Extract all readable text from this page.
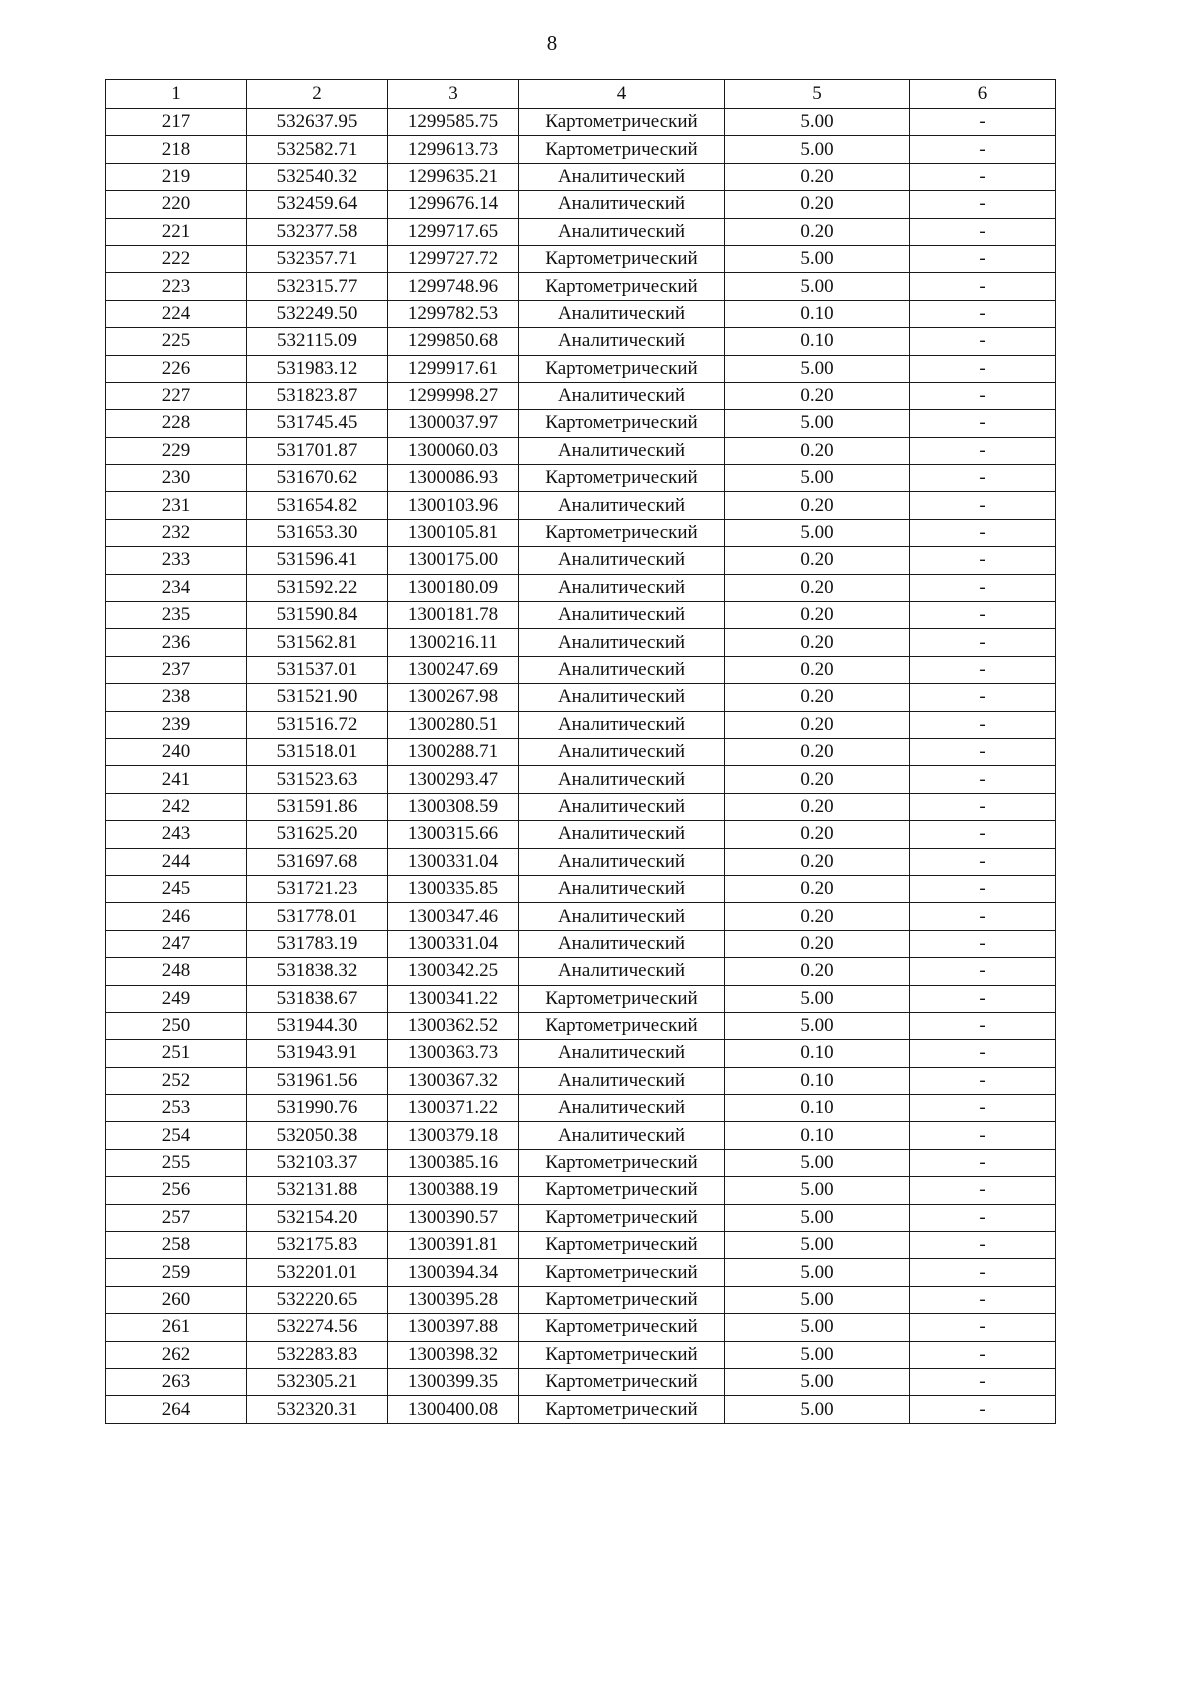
8
1	2	3	4	5	6
217	532637.95	1299585.75	Картометрический	5.00	-
218	532582.71	1299613.73	Картометрический	5.00	-
219	532540.32	1299635.21	Аналитический	0.20	-
220	532459.64	1299676.14	Аналитический	0.20	-
221	532377.58	1299717.65	Аналитический	0.20	-
222	532357.71	1299727.72	Картометрический	5.00	-
223	532315.77	1299748.96	Картометрический	5.00	-
224	532249.50	1299782.53	Аналитический	0.10	-
225	532115.09	1299850.68	Аналитический	0.10	-
226	531983.12	1299917.61	Картометрический	5.00	-
227	531823.87	1299998.27	Аналитический	0.20	-
228	531745.45	1300037.97	Картометрический	5.00	-
229	531701.87	1300060.03	Аналитический	0.20	-
230	531670.62	1300086.93	Картометрический	5.00	-
231	531654.82	1300103.96	Аналитический	0.20	-
232	531653.30	1300105.81	Картометрический	5.00	-
233	531596.41	1300175.00	Аналитический	0.20	-
234	531592.22	1300180.09	Аналитический	0.20	-
235	531590.84	1300181.78	Аналитический	0.20	-
236	531562.81	1300216.11	Аналитический	0.20	-
237	531537.01	1300247.69	Аналитический	0.20	-
238	531521.90	1300267.98	Аналитический	0.20	-
239	531516.72	1300280.51	Аналитический	0.20	-
240	531518.01	1300288.71	Аналитический	0.20	-
241	531523.63	1300293.47	Аналитический	0.20	-
242	531591.86	1300308.59	Аналитический	0.20	-
243	531625.20	1300315.66	Аналитический	0.20	-
244	531697.68	1300331.04	Аналитический	0.20	-
245	531721.23	1300335.85	Аналитический	0.20	-
246	531778.01	1300347.46	Аналитический	0.20	-
247	531783.19	1300331.04	Аналитический	0.20	-
248	531838.32	1300342.25	Аналитический	0.20	-
249	531838.67	1300341.22	Картометрический	5.00	-
250	531944.30	1300362.52	Картометрический	5.00	-
251	531943.91	1300363.73	Аналитический	0.10	-
252	531961.56	1300367.32	Аналитический	0.10	-
253	531990.76	1300371.22	Аналитический	0.10	-
254	532050.38	1300379.18	Аналитический	0.10	-
255	532103.37	1300385.16	Картометрический	5.00	-
256	532131.88	1300388.19	Картометрический	5.00	-
257	532154.20	1300390.57	Картометрический	5.00	-
258	532175.83	1300391.81	Картометрический	5.00	-
259	532201.01	1300394.34	Картометрический	5.00	-
260	532220.65	1300395.28	Картометрический	5.00	-
261	532274.56	1300397.88	Картометрический	5.00	-
262	532283.83	1300398.32	Картометрический	5.00	-
263	532305.21	1300399.35	Картометрический	5.00	-
264	532320.31	1300400.08	Картометрический	5.00	-
